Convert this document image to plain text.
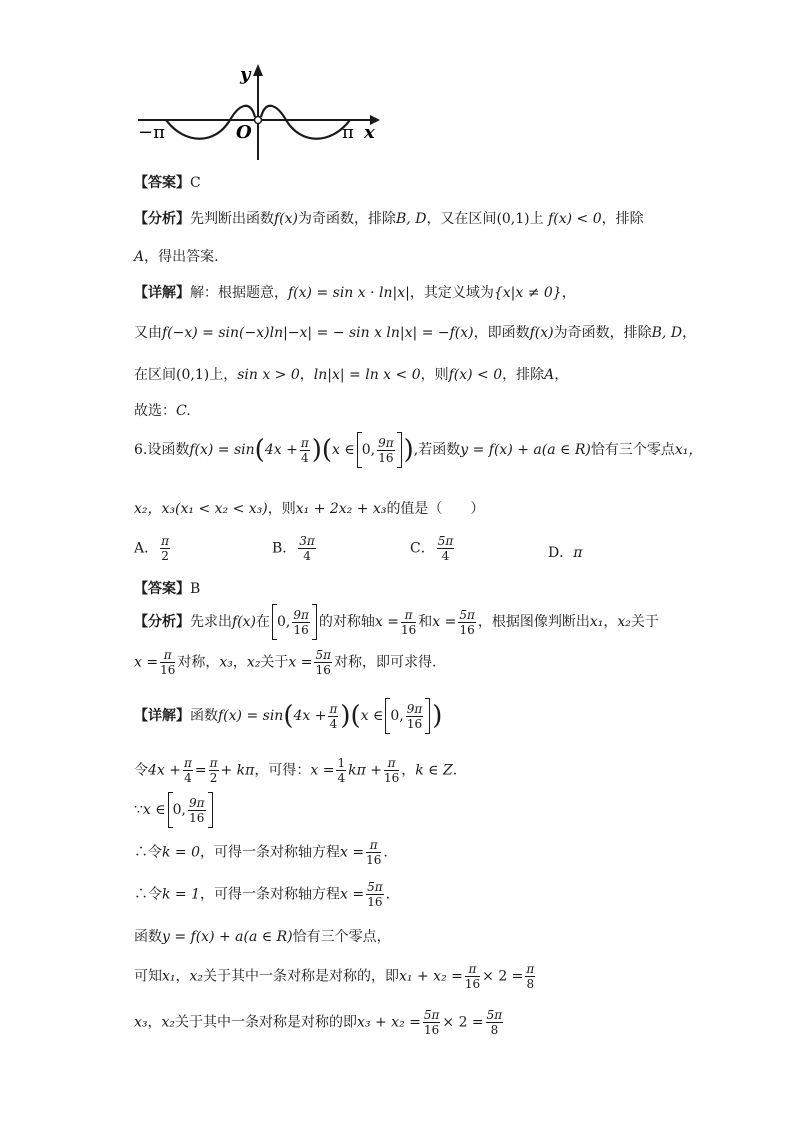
y
x
O
−π	π
【答案】C
【分析】先判断出函数f(x)为奇函数，排除B, D，又在区间(0,1)上 f(x) < 0，排除
A，得出答案.
【详解】解：根据题意，f(x) = sin x · ln|x|，其定义域为{x|x ≠ 0}，
又由f(−x) = sin(−x)ln|−x| = − sin x ln|x| = −f(x)，即函数f(x)为奇函数，排除B, D，
在区间(0,1)上，sin x > 0，ln|x| = ln x < 0，则f(x) < 0，排除A，
故选：C.
6.设函数$f(x) = \sin(4x + \frac{\pi}{4} )(x$ ∈ 0, $\frac{9\pi}{16}$ ),若函数y = f(x) + a(a ∈ R)恰有三个零点x₁，
x₂，x₃(x₁ < x₂ < x₃)，则x₁ + 2x₂ + x₃的值是（　　）
A． $\frac{\pi}{2}$	B． $\frac{3\pi}{4}$	C． $\frac{5\pi}{4}$	D．π
【答案】B
【分析】先求出f(x)在 0, $\frac{9\pi}{16}$ 的对称轴$x = \frac{\pi}{16}$ 和$x = \frac{5\pi}{16}$ ，根据图像判断出x₁，x₂关于
$x = \frac{\pi}{16}$ 对称，x₃，x₂关于$x = \frac{5\pi}{16}$ 对称，即可求得.
【详解】函数$f(x) = \sin(4x + \frac{\pi}{4} )(x$ ∈ 0, $\frac{9\pi}{16}$ )
令$4x + \frac{\pi}{4} = \frac{\pi}{2} + k\pi$，可得：$x = \frac{1}{4}$ $k\pi + \frac{\pi}{16}$ ，k ∈ Z.
∵x ∈ 0, $\frac{9\pi}{16}$
∴令k = 0，可得一条对称轴方程$x = \frac{\pi}{16}$ .
∴令k = 1，可得一条对称轴方程$x = \frac{5\pi}{16}$ .
函数y = f(x) + a(a ∈ R)恰有三个零点，
可知x₁，x₂关于其中一条对称是对称的，即$x_1 + x_2 = \frac{\pi}{16} \times 2 = \frac{\pi}{8}$
x₃，x₂关于其中一条对称是对称的即$x_3 + x_2 = \frac{5\pi}{16} \times 2 = \frac{5\pi}{8}$
